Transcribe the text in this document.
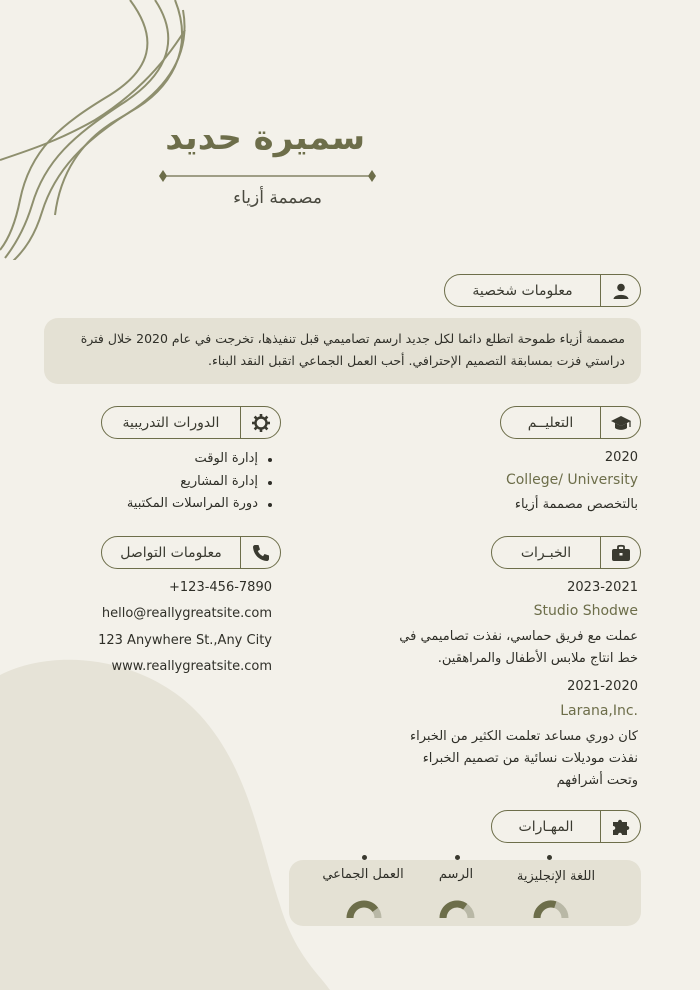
سميرة حديد
مصممة أزياء
معلومات شخصية
مصممة أزياء طموحة اتطلع دائما لكل جديد ارسم تصاميمي قبل تنفيذها، تخرجت في عام 2020 خلال فترة دراستي فزت بمسابقة التصميم الإحترافي. أحب العمل الجماعي اتقبل النقد البناء.
التعليــم
2020
College/ University
بالتخصص مصممة أزياء
الدورات التدريبية
إدارة الوقت
إدارة المشاريع
دورة المراسلات المكتبية
الخبـرات
2023-2021
Studio Shodwe
عملت مع فريق حماسي، نفذت تصاميمي في
خط انتاج ملابس الأطفال والمراهقين.
2021-2020
Larana,Inc.
كان دوري مساعد تعلمت الكثير من الخبراء
نفذت موديلات نسائية من تصميم الخبراء
وتحت أشرافهم
معلومات التواصل
+123-456-7890
hello@reallygreatsite.com
123 Anywhere St.,Any City
www.reallygreatsite.com
المهـارات
اللغة الإنجليزية
الرسم
العمل الجماعي
